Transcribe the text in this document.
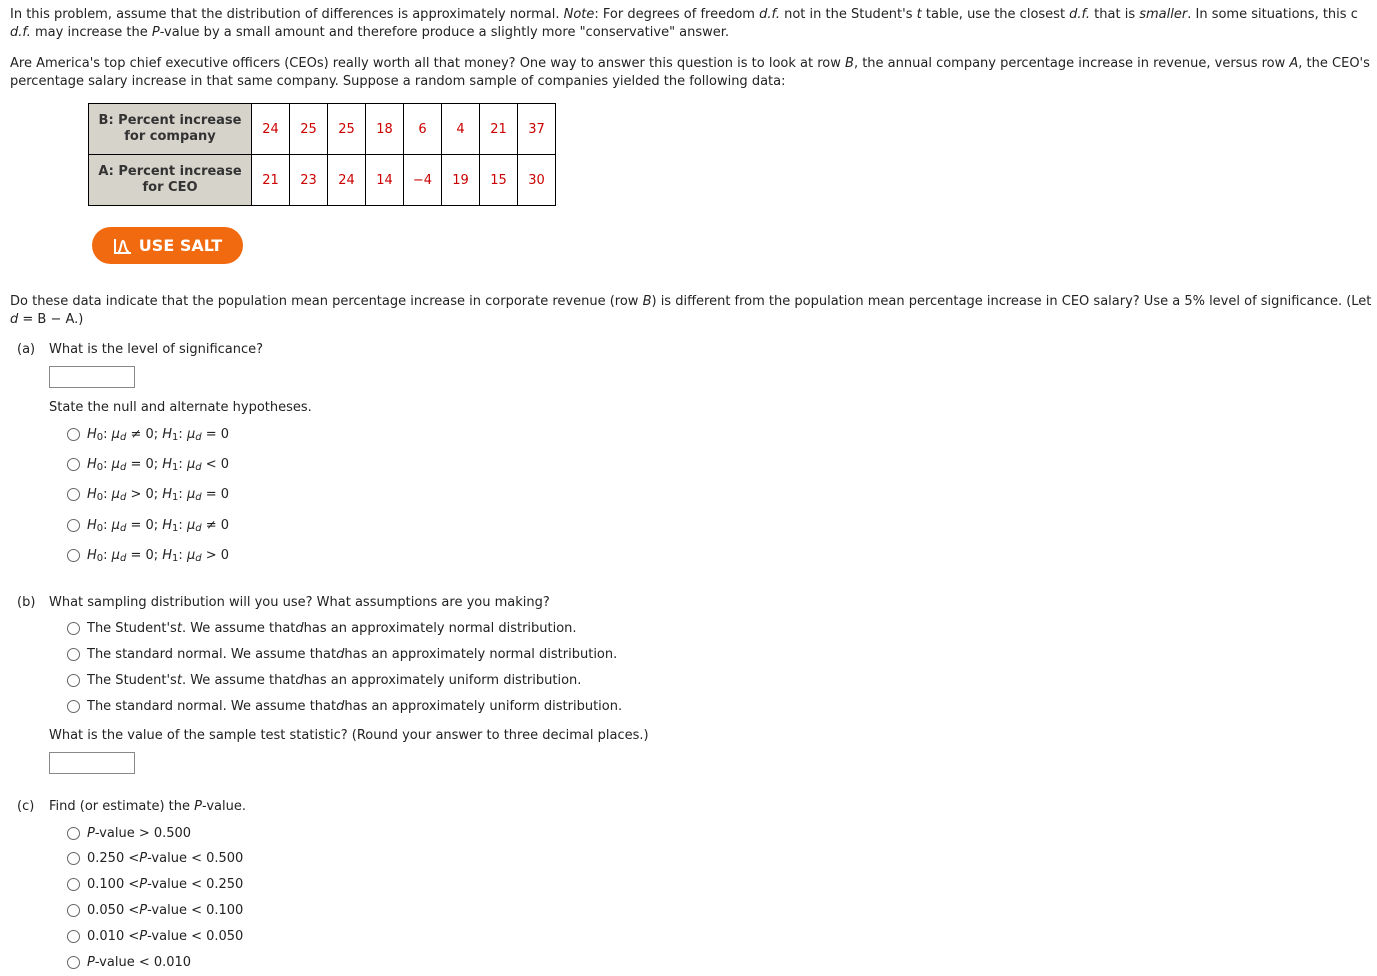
In this problem, assume that the distribution of differences is approximately normal. Note: For degrees of freedom d.f. not in the Student's t table, use the closest d.f. that is smaller. In some situations, this c
d.f. may increase the P-value by a small amount and therefore produce a slightly more "conservative" answer.
Are America's top chief executive officers (CEOs) really worth all that money? One way to answer this question is to look at row B, the annual company percentage increase in revenue, versus row A, the CEO's
percentage salary increase in that same company. Suppose a random sample of companies yielded the following data:
B: Percent increase
for company	24	25	25	18	6	4	21	37
A: Percent increase
for CEO	21	23	24	14	−4	19	15	30
USE SALT
Do these data indicate that the population mean percentage increase in corporate revenue (row B) is different from the population mean percentage increase in CEO salary? Use a 5% level of significance. (Let
d = B − A.)
(a) What is the level of significance?
State the null and alternate hypotheses.
H 0 : μ d
≠ 0 ; H 1 : μ d
= 0
H 0 : μ d
= 0 ; H 1 : μ d
< 0
H 0 : μ d
> 0 ; H 1 : μ d
= 0
H 0 : μ d
= 0 ; H 1 : μ d
≠ 0
H 0 : μ d
= 0 ; H 1 : μ d
> 0
(b) What sampling distribution will you use? What assumptions are you making?
The Student's t . We assume that d has an approximately normal distribution.
The standard normal . We assume that d has an approximately normal distribution.
The Student's t . We assume that d has an approximately uniform distribution.
The standard normal . We assume that d has an approximately uniform distribution.
What is the value of the sample test statistic? (Round your answer to three decimal places.)
(c) Find (or estimate) the P-value.
P -value > 0.500
0.250 < P -value < 0.500
0.100 < P -value < 0.250
0.050 < P -value < 0.100
0.010 < P -value < 0.050
P -value < 0.010
